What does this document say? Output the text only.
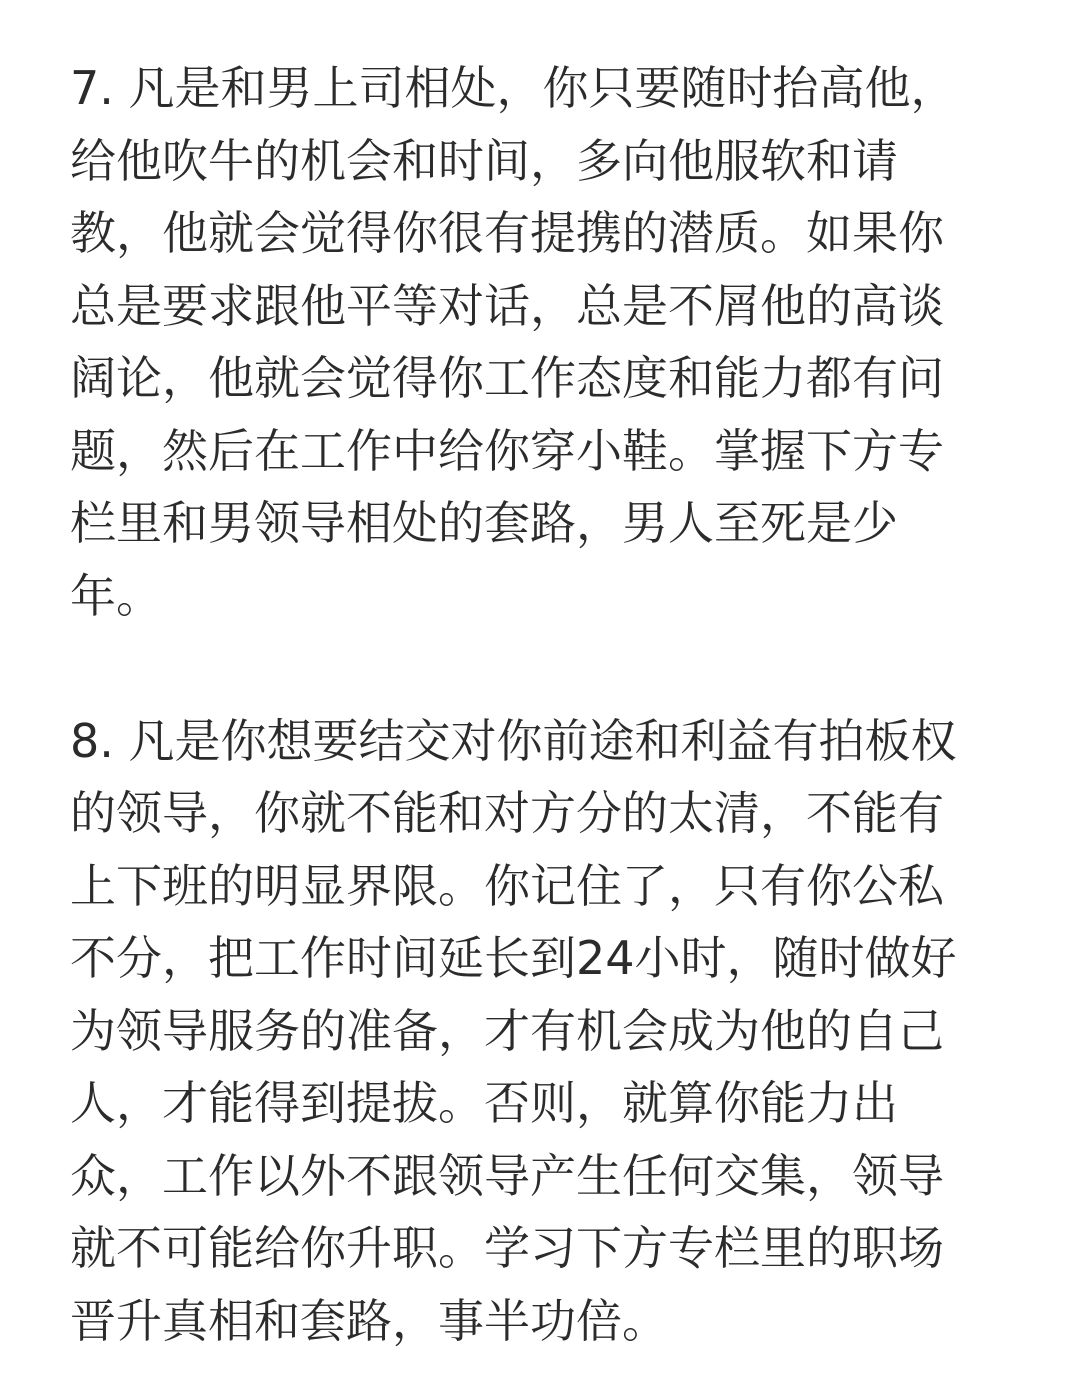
7. 凡是和男上司相处，你只要随时抬高他，
给他吹牛的机会和时间，多向他服软和请
教，他就会觉得你很有提携的潜质。如果你
总是要求跟他平等对话，总是不屑他的高谈
阔论，他就会觉得你工作态度和能力都有问
题，然后在工作中给你穿小鞋。掌握下方专
栏里和男领导相处的套路，男人至死是少
年。
8. 凡是你想要结交对你前途和利益有拍板权
的领导，你就不能和对方分的太清，不能有
上下班的明显界限。你记住了，只有你公私
不分，把工作时间延长到24小时，随时做好
为领导服务的准备，才有机会成为他的自己
人，才能得到提拔。否则，就算你能力出
众，工作以外不跟领导产生任何交集，领导
就不可能给你升职。学习下方专栏里的职场
晋升真相和套路，事半功倍。
